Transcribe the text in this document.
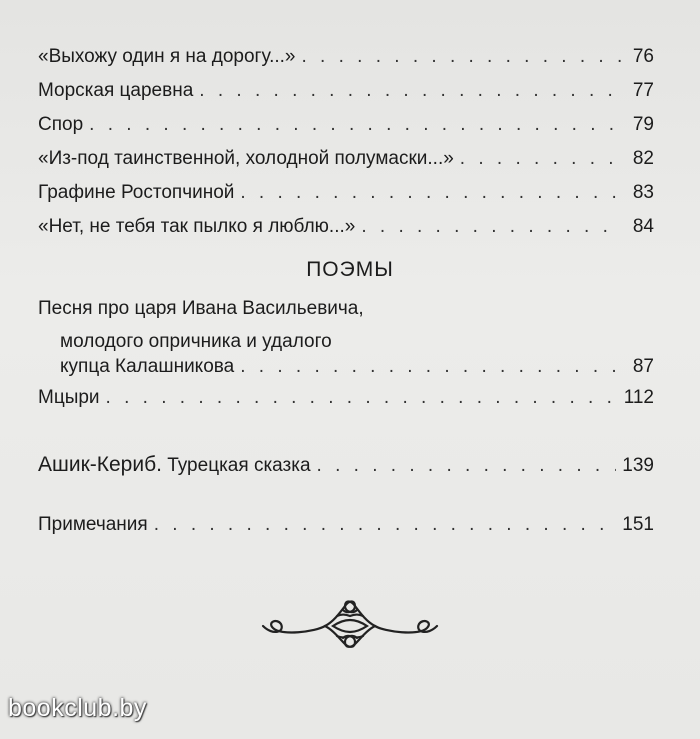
«Выхожу один я на дорогу...» . . .	76
Морская царевна . . .	77
Спор . . .	79
«Из-под таинственной, холодной полумаски...» . . .	82
Графине Ростопчиной . . .	83
«Нет, не тебя так пылко я люблю...» . . .	84
ПОЭМЫ
Песня про царя Ивана Васильевича,
молодого опричника и удалого
купца Калашникова . . .	87
Мцыри . . .	112
Ашик-Кериб. Турецкая сказка . . .	139
Примечания . . .	151
bookclub.by
